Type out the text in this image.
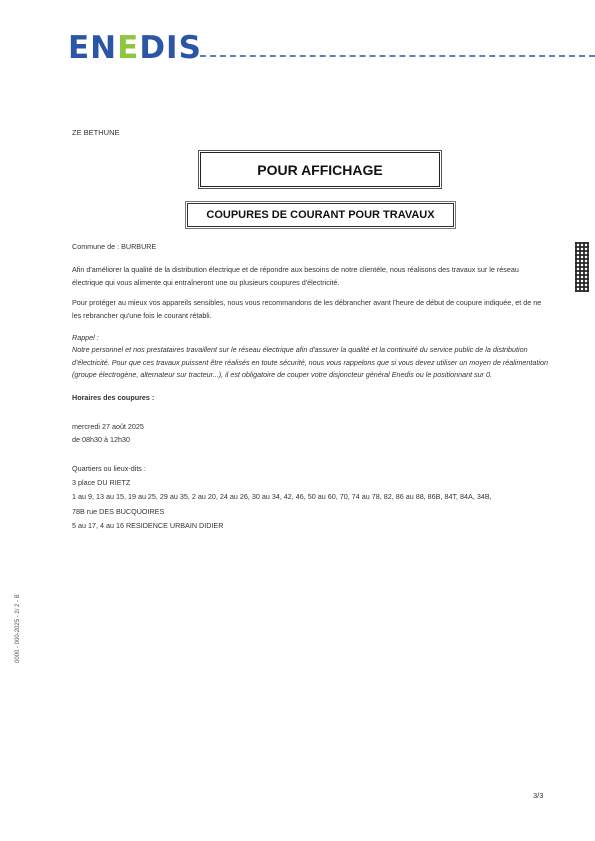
ENEDIS
ZE BETHUNE
POUR AFFICHAGE
COUPURES DE COURANT POUR TRAVAUX
Commune de : BURBURE
Afin d'améliorer la qualité de la distribution électrique et de répondre aux besoins de notre clientèle, nous réalisons des travaux sur le réseau électrique qui vous alimente qui entraîneront une ou plusieurs coupures d'électricité.
Pour protéger au mieux vos appareils sensibles, nous vous recommandons de les débrancher avant l'heure de début de coupure indiquée, et de ne les rebrancher qu'une fois le courant rétabli.
Rappel :
Notre personnel et nos prestataires travaillent sur le réseau électrique afin d'assurer la qualité et la continuité du service public de la distribution d'électricité. Pour que ces travaux puissent être réalisés en toute sécurité, nous vous rappelons que si vous devez utiliser un moyen de réalimentation (groupe électrogène, alternateur sur tracteur...), il est obligatoire de couper votre disjoncteur général Enedis ou le positionnant sur 0.
Horaires des coupures :
mercredi 27 août 2025
de 08h30 à 12h30
Quartiers ou lieux-dits :
3 place DU RIETZ
1 au 9, 13 au 15, 19 au 25, 29 au 35, 2 au 20, 24 au 26, 30 au 34, 42, 46, 50 au 60, 70, 74 au 78, 82, 86 au 88, 86B, 84T, 84A, 34B,
78B rue DES BUCQUOIRES
5 au 17, 4 au 16 RESIDENCE URBAIN DIDIER
0000 - 000-2025 - 2/ 2 - B
3/3
